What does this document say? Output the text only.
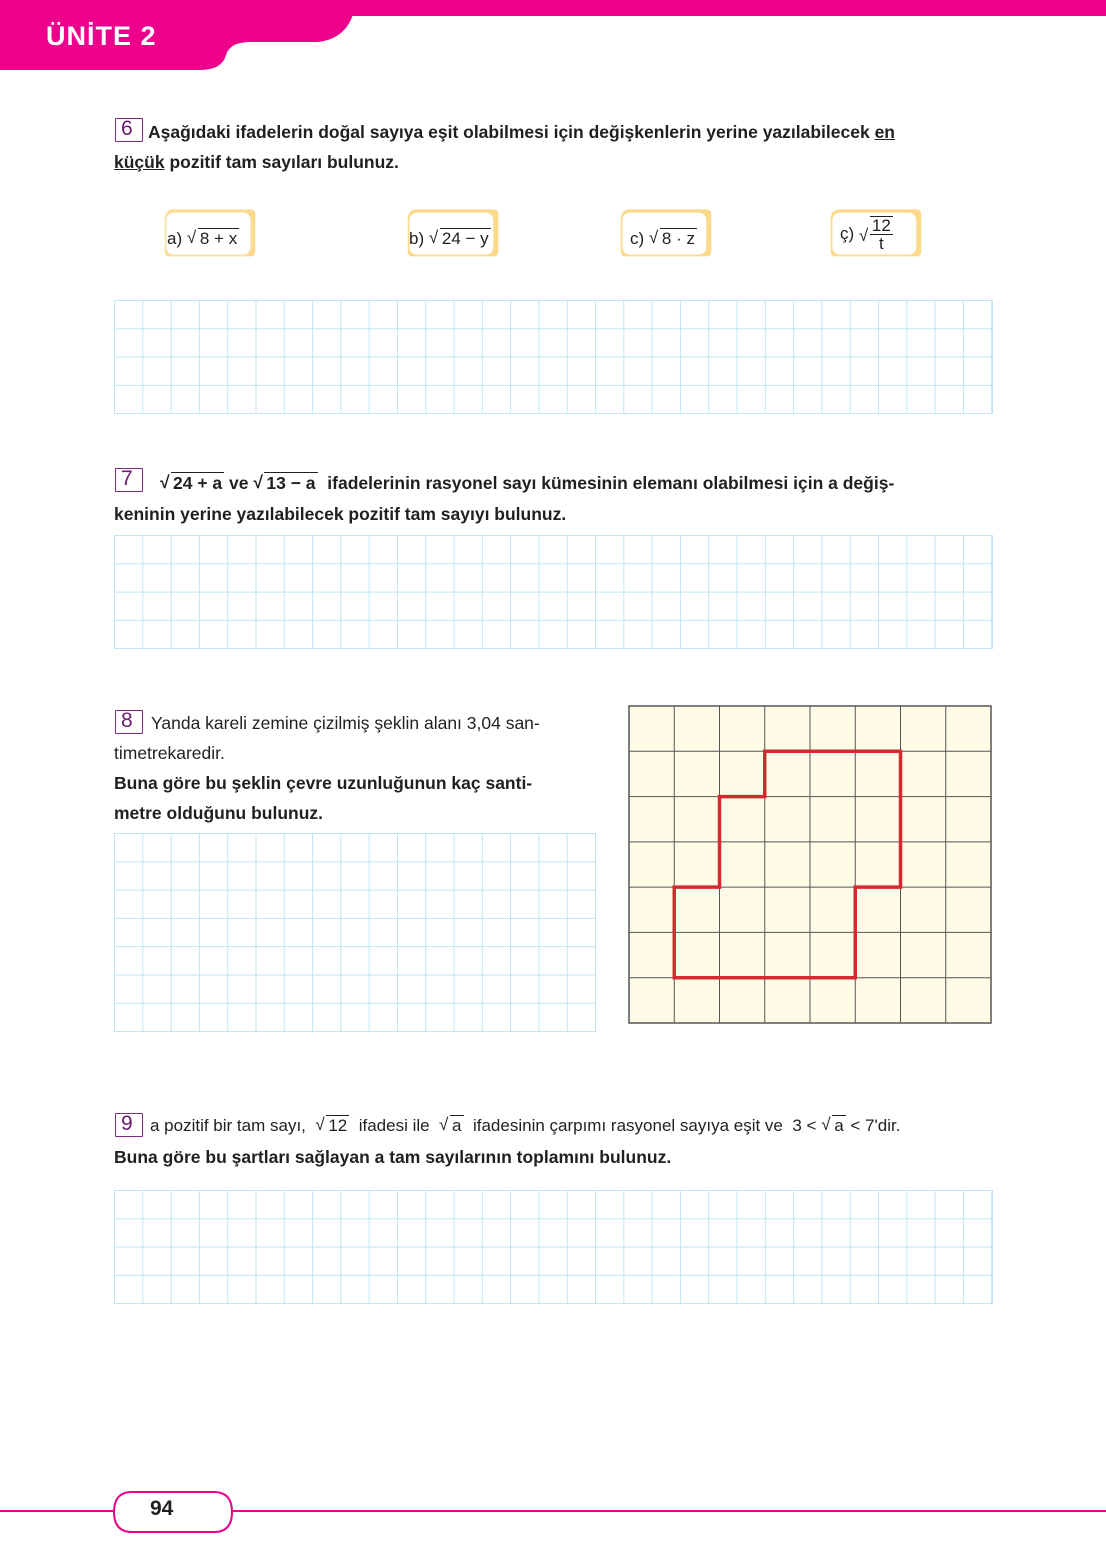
ÜNİTE 2
6 Aşağıdaki ifadelerin doğal sayıya eşit olabilmesi için değişkenlerin yerine yazılabilecek en
küçük pozitif tam sayıları bulunuz.
a) √ 8 + x	b) √ 24 − y	c) √ 8 · z	ç) √ $\frac{12}{t}$
7 √ 24 + a ve √ 13 − a ifadelerinin rasyonel sayı kümesinin elemanı olabilmesi için a değiş-
keninin yerine yazılabilecek pozitif tam sayıyı bulunuz.
8 Yanda kareli zemine çizilmiş şeklin alanı 3,04 san-
timetrekaredir.
Buna göre bu şeklin çevre uzunluğunun kaç santi-
metre olduğunu bulunuz.
9 a pozitif bir tam sayı, √ 12 ifadesi ile √ a ifadesinin çarpımı rasyonel sayıya eşit ve 3 < √ a < 7'dir.
Buna göre bu şartları sağlayan a tam sayılarının toplamını bulunuz.
94
